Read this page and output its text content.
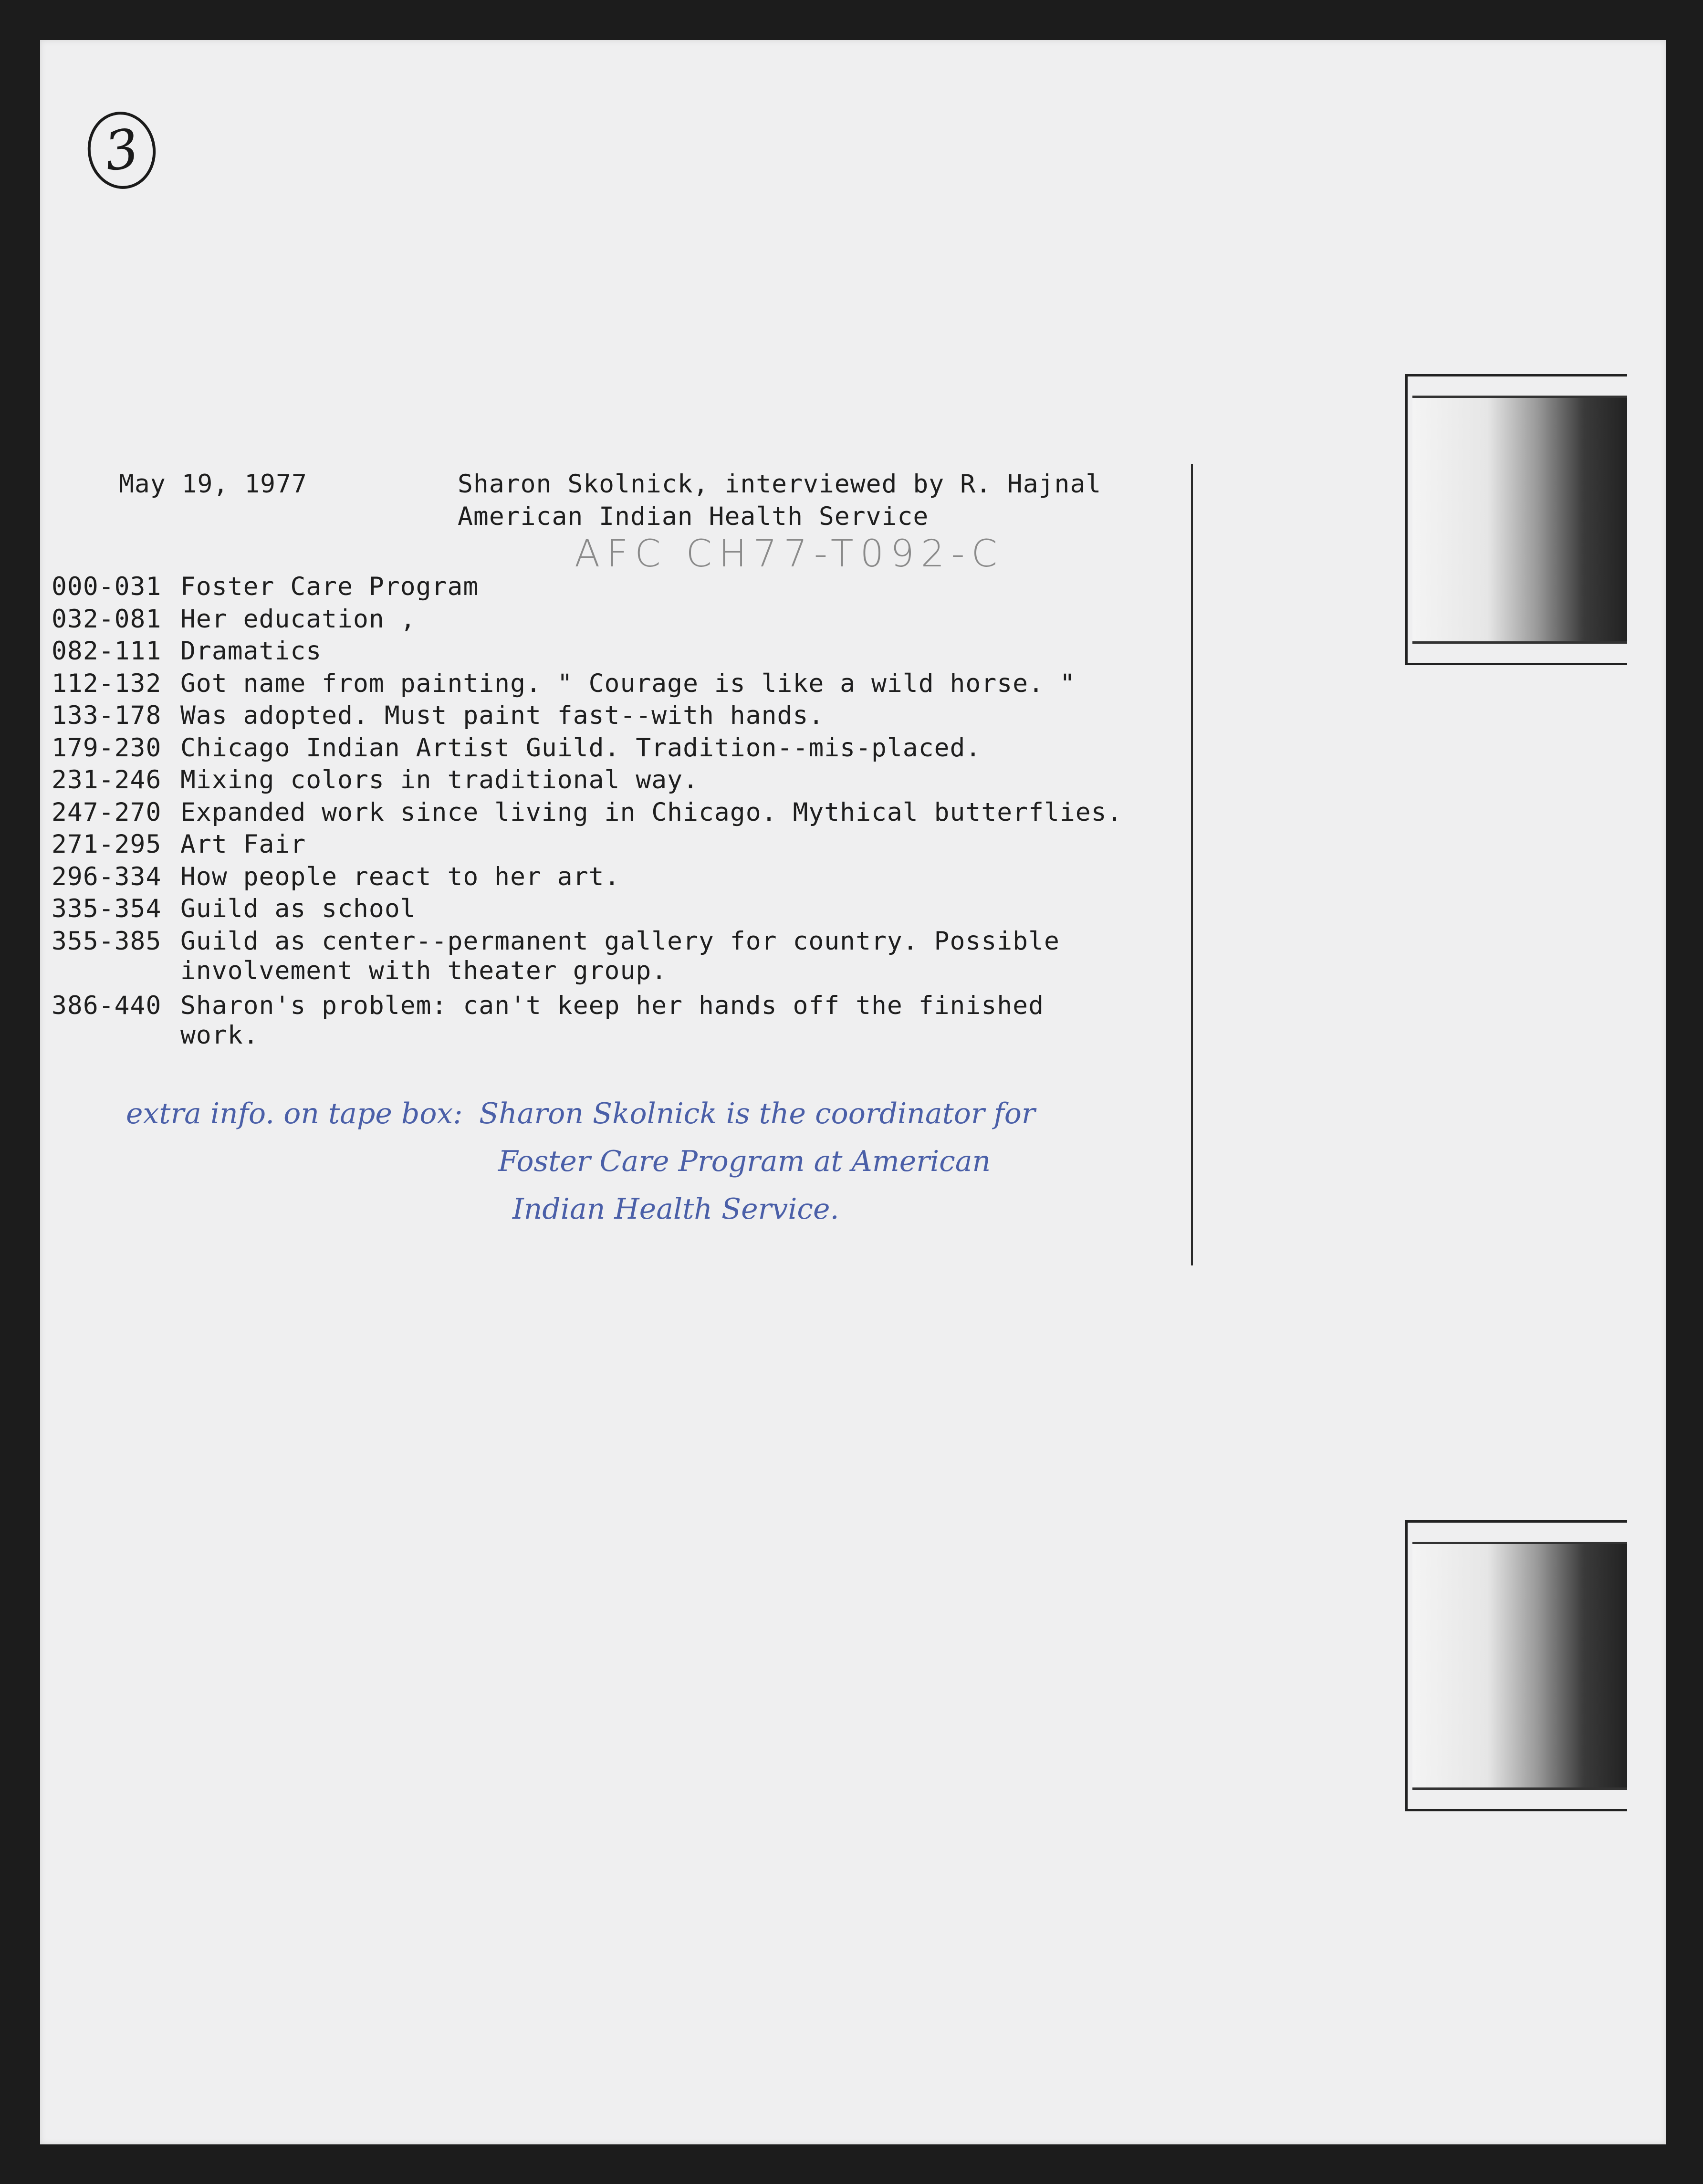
3
May 19, 1977	Sharon Skolnick, interviewed by R. Hajnal
American Indian Health Service
AFC CH77-T092-C
000-031Foster Care Program
032-081Her education ,
082-111 Dramatics
112-132 Got name from painting. " Courage is like a wild horse. "
133-178 Was adopted. Must paint fast--with hands.
179-230 Chicago Indian Artist Guild. Tradition--mis-placed.
231-246 Mixing colors in traditional way.
247-270 Expanded work since living in Chicago. Mythical butterflies.
271-295 Art Fair
296-334 How people react to her art.
335-354 Guild as school
355-385 Guild as center--permanent gallery for country. Possible
involvement with theater group.
386-440 Sharon's problem: can't keep her hands off the finished
work.
extra info. on tape box: Sharon Skolnick is the coordinator for
Foster Care Program at American
Indian Health Service.
